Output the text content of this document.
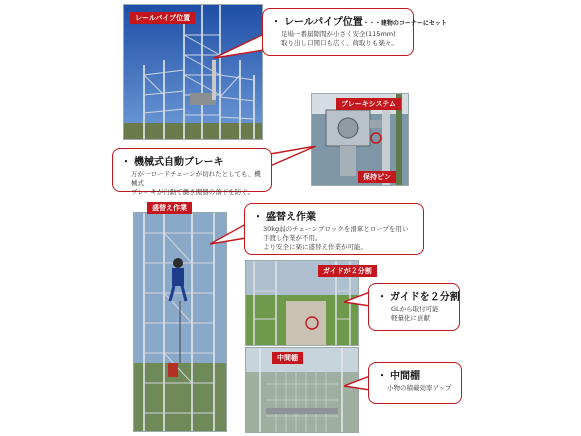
レールパイプ位置	・ レールパイプ位置・・・建物のコーナーにセット
足場一番届隙間が小さく安全(115mm)
取り出し口開口も広く、荷取りも楽々。
ブレーキシステム
保持ピン
・ 機械式自動ブレーキ
万が一ロードチェーンが切れたとしても、機械式
ブレーキが自動で働き搬器の落下を防ぐ。
盛替え作業
・ 盛替え作業
30kg弱のチェーンブロックを滑車とロープを用い
手渡し作業が不用。
より安全に楽に盛替え作業が可能。
ガイドが２分割
・ ガイドを２分割
GLから取付可能
軽量化に貢献
中間棚
・ 中間棚
小物の積載効率アップ
